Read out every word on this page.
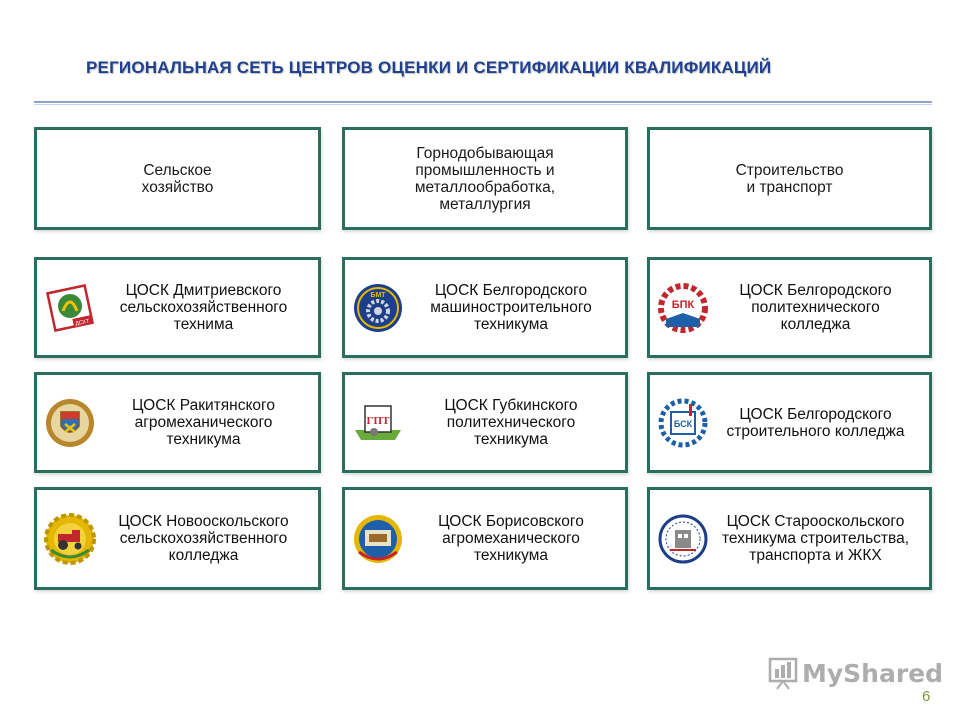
РЕГИОНАЛЬНАЯ СЕТЬ ЦЕНТРОВ ОЦЕНКИ И СЕРТИФИКАЦИИ КВАЛИФИКАЦИЙ
Сельское
хозяйство
ДСХТ
ЦОСК Дмитриевского
сельскохозяйственного
технима
ЦОСК Ракитянского
агромеханического
техникума
ЦОСК Новооскольского
сельскохозяйственного
колледжа
Горнодобывающая
промышленность и
металлообработка,
металлургия
БМТ	ЦОСК Белгородского
машиностроительного
техникума
ГПТ
ЦОСК Губкинского
политехнического
техникума
ЦОСК Борисовского
агромеханического
техникума
Строительство
и транспорт
БПК
ЦОСК Белгородского
политехнического
колледжа
БСК
ЦОСК Белгородского
строительного колледжа
ЦОСК Старооскольского
техникума строительства,
транспорта и ЖКХ
MyShared
6
